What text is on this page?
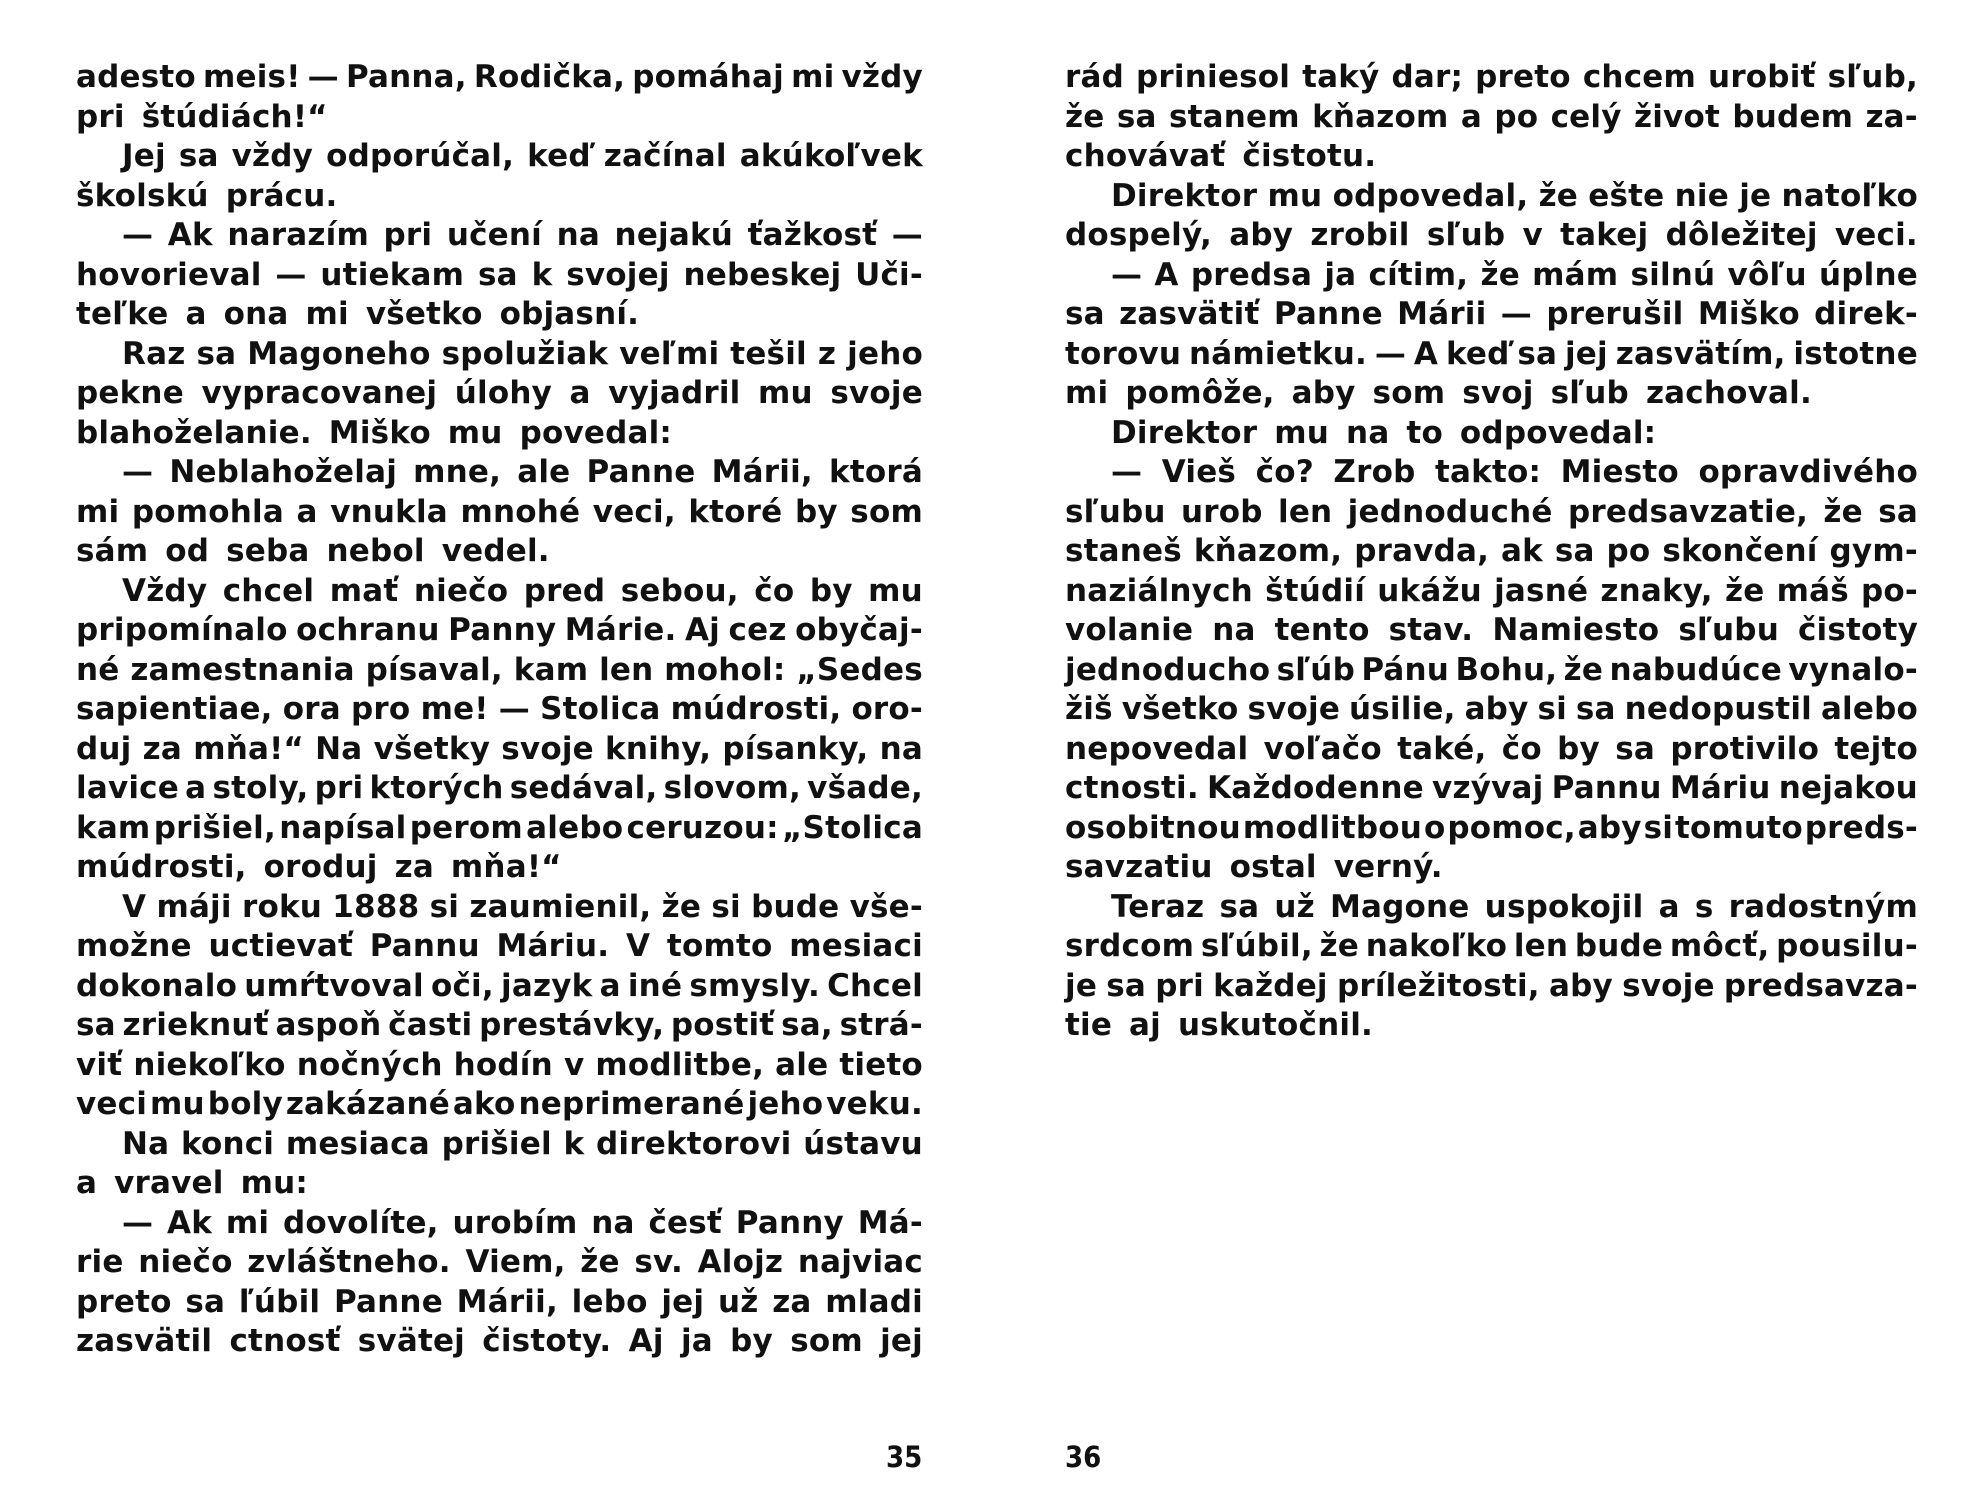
adesto meis! — Panna, Rodička, pomáhaj mi vždy
pri štúdiách!“
Jej sa vždy odporúčal, keď začínal akúkoľvek
školskú prácu.
— Ak narazím pri učení na nejakú ťažkosť —
hovorieval — utiekam sa k svojej nebeskej Uči-
teľke a ona mi všetko objasní.
Raz sa Magoneho spolužiak veľmi tešil z jeho
pekne vypracovanej úlohy a vyjadril mu svoje
blahoželanie. Miško mu povedal:
— Neblahoželaj mne, ale Panne Márii, ktorá
mi pomohla a vnukla mnohé veci, ktoré by som
sám od seba nebol vedel.
Vždy chcel mať niečo pred sebou, čo by mu
pripomínalo ochranu Panny Márie. Aj cez obyčaj-
né zamestnania písaval, kam len mohol: „Sedes
sapientiae, ora pro me! — Stolica múdrosti, oro-
duj za mňa!“ Na všetky svoje knihy, písanky, na
lavice a stoly, pri ktorých sedával, slovom, všade,
kam prišiel, napísal perom alebo ceruzou: „Stolica
múdrosti, oroduj za mňa!“
V máji roku 1888 si zaumienil, že si bude vše-
možne uctievať Pannu Máriu. V tomto mesiaci
dokonalo umŕtvoval oči, jazyk a iné smysly. Chcel
sa zrieknuť aspoň časti prestávky, postiť sa, strá-
viť niekoľko nočných hodín v modlitbe, ale tieto
veci mu boly zakázané ako neprimerané jeho veku.
Na konci mesiaca prišiel k direktorovi ústavu
a vravel mu:
— Ak mi dovolíte, urobím na česť Panny Má-
rie niečo zvláštneho. Viem, že sv. Alojz najviac
preto sa ľúbil Panne Márii, lebo jej už za mladi
zasvätil ctnosť svätej čistoty. Aj ja by som jej
rád priniesol taký dar; preto chcem urobiť sľub,
že sa stanem kňazom a po celý život budem za-
chovávať čistotu.
Direktor mu odpovedal, že ešte nie je natoľko
dospelý, aby zrobil sľub v takej dôležitej veci.
— A predsa ja cítim, že mám silnú vôľu úplne
sa zasvätiť Panne Márii — prerušil Miško direk-
torovu námietku. — A keď sa jej zasvätím, istotne
mi pomôže, aby som svoj sľub zachoval.
Direktor mu na to odpovedal:
— Vieš čo? Zrob takto: Miesto opravdivého
sľubu urob len jednoduché predsavzatie, že sa
staneš kňazom, pravda, ak sa po skončení gym-
naziálnych štúdií ukážu jasné znaky, že máš po-
volanie na tento stav. Namiesto sľubu čistoty
jednoducho sľúb Pánu Bohu, že nabudúce vynalo-
žiš všetko svoje úsilie, aby si sa nedopustil alebo
nepovedal voľačo také, čo by sa protivilo tejto
ctnosti. Každodenne vzývaj Pannu Máriu nejakou
osobitnou modlitbou o pomoc, aby si tomuto preds-
savzatiu ostal verný.
Teraz sa už Magone uspokojil a s radostným
srdcom sľúbil, že nakoľko len bude môcť, pousilu-
je sa pri každej príležitosti, aby svoje predsavza-
tie aj uskutočnil.
35	36
